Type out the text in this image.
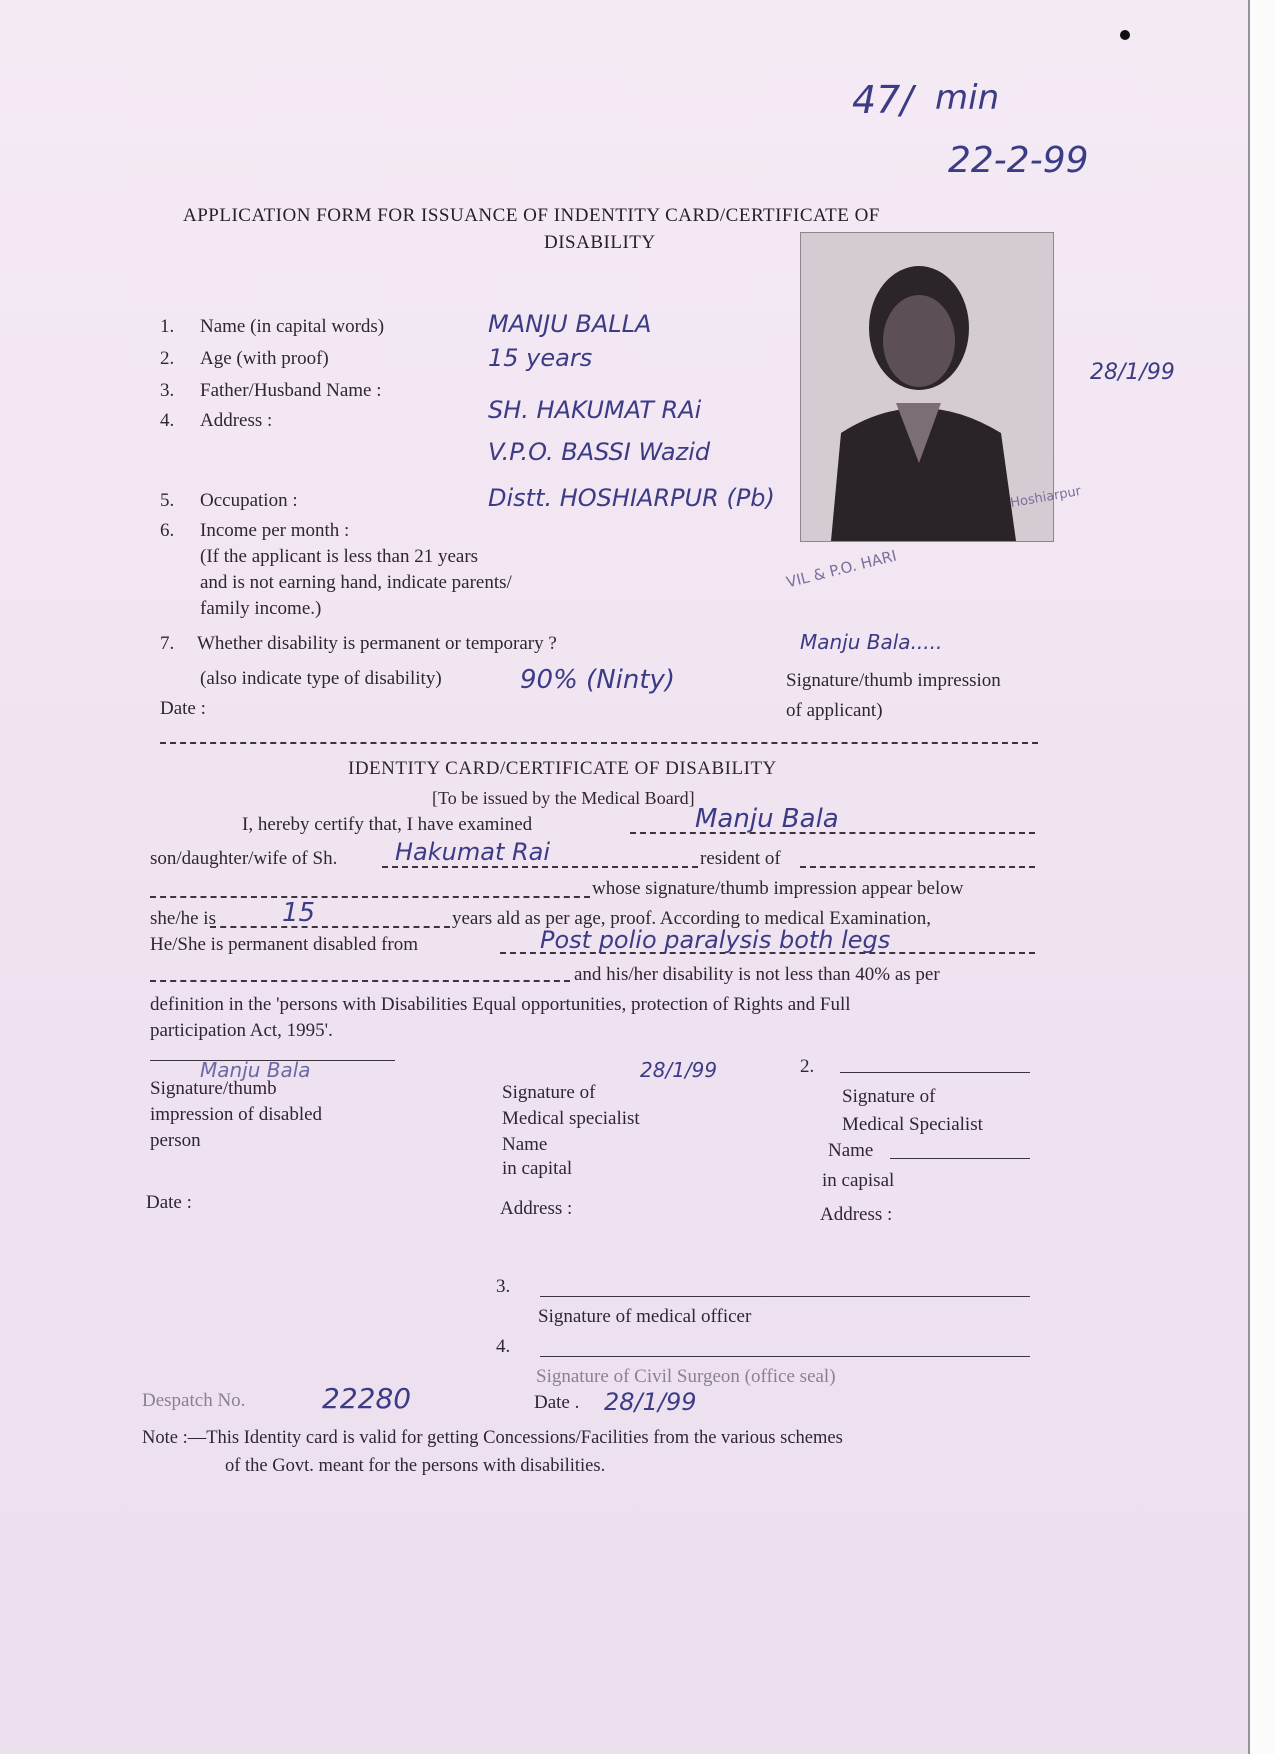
47/ min
22-2-99
APPLICATION FORM FOR ISSUANCE OF INDENTITY CARD/CERTIFICATE OF
DISABILITY
28/1/99
VIL & P.O. HARI
Hoshiarpur
1. Name (in capital words)	MANJU BALLA
2. Age (with proof)	15 years
3. Father/Husband Name :
SH. HAKUMAT RAi
4. Address :
V.P.O. BASSI Wazid
5. Occupation :	Distt. HOSHIARPUR (Pb)
6. Income per month :
(If the applicant is less than 21 years
and is not earning hand, indicate parents/
family income.)
7. Whether disability is permanent or temporary ?
(also indicate type of disability)	90% (Ninty)
Date :
Manju Bala.....
Signature/thumb impression
of applicant)
IDENTITY CARD/CERTIFICATE OF DISABILITY
[To be issued by the Medical Board]
I, hereby certify that, I have examined	Manju Bala
son/daughter/wife of Sh. Hakumat Rai	resident of
whose signature/thumb impression appear below
she/he is	15	years ald as per age, proof. According to medical Examination,
He/She is permanent disabled from	Post polio paralysis both legs
and his/her disability is not less than 40% as per
definition in the 'persons with Disabilities Equal opportunities, protection of Rights and Full
participation Act, 1995'.
Manju Bala
Signature/thumb
impression of disabled
person
Date :
28/1/99
Signature of
Medical specialist
Name
in capital
Address :
2.
Signature of
Medical Specialist
Name
in capisal
Address :
3.
Signature of medical officer
4.
Signature of Civil Surgeon (office seal)
Despatch No.	22280	Date . 28/1/99
Note :—This Identity card is valid for getting Concessions/Facilities from the various schemes
of the Govt. meant for the persons with disabilities.
